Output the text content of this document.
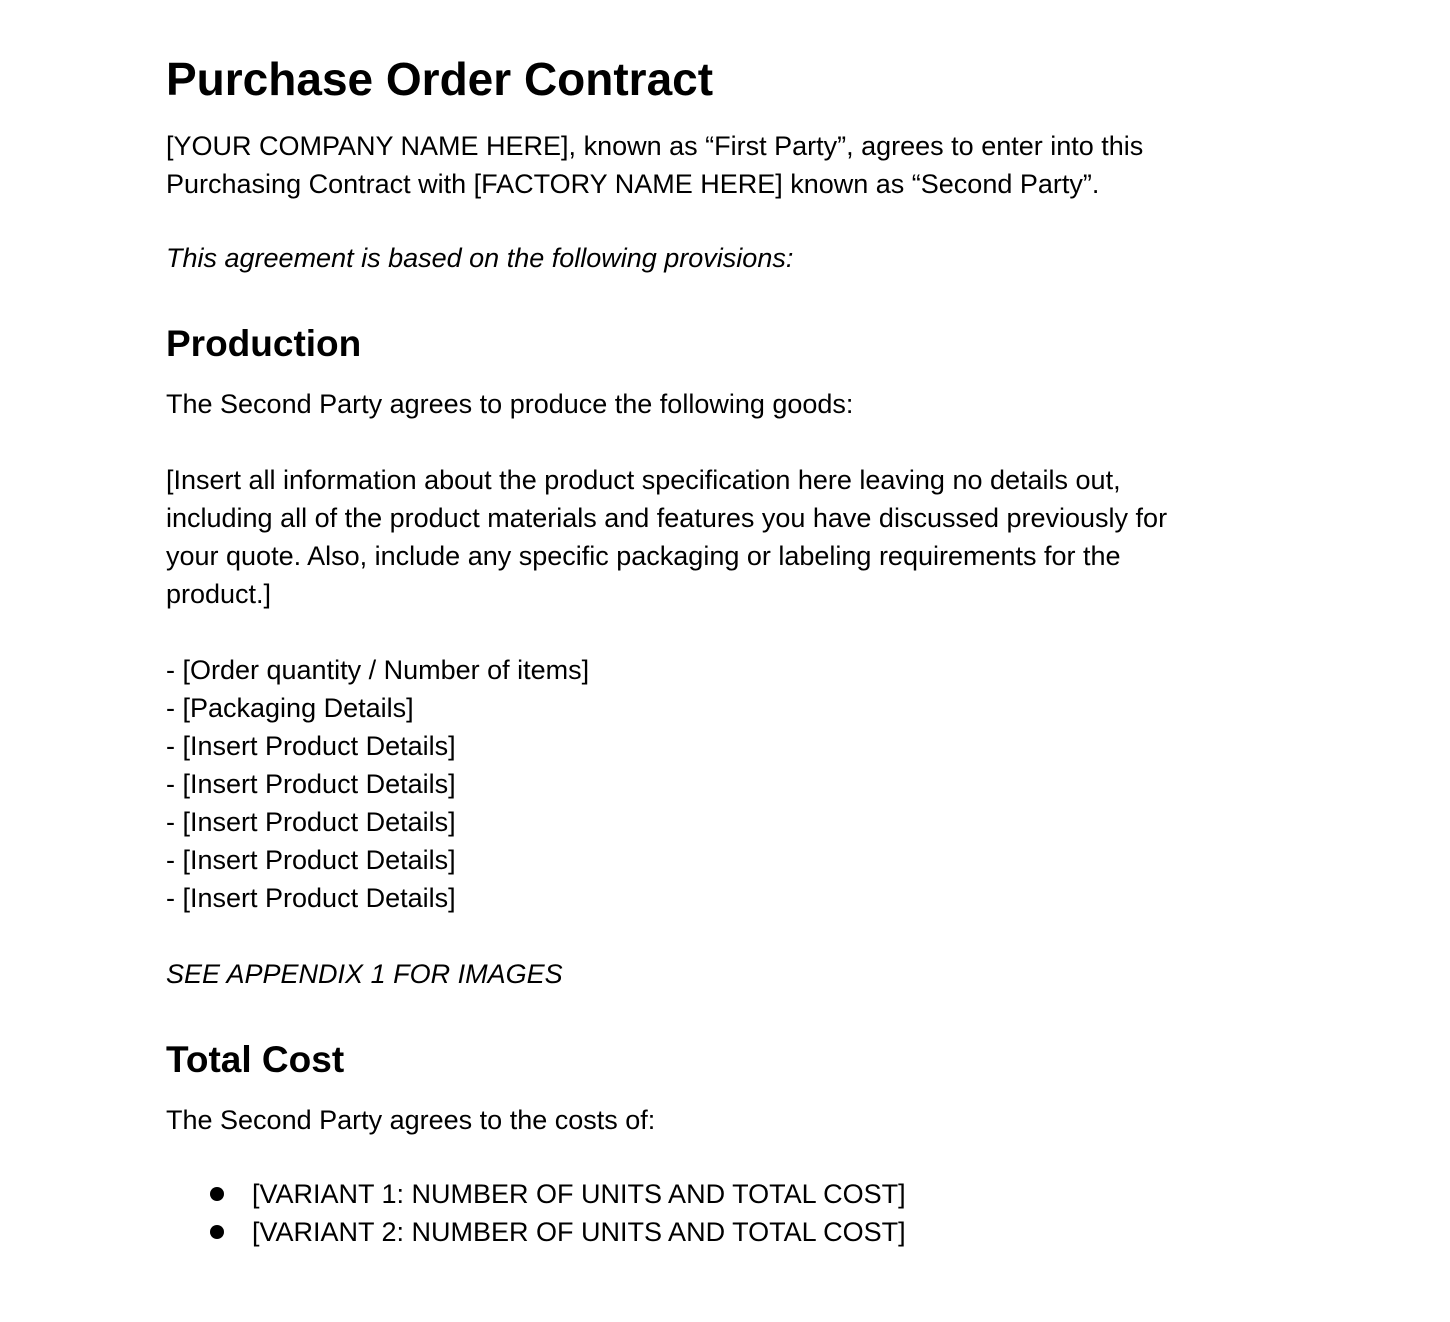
Purchase Order Contract

[YOUR COMPANY NAME HERE], known as “First Party”, agrees to enter into this
Purchasing Contract with [FACTORY NAME HERE] known as “Second Party”.

This agreement is based on the following provisions:

Production

The Second Party agrees to produce the following goods:

[Insert all information about the product specification here leaving no details out,
including all of the product materials and features you have discussed previously for
your quote. Also, include any specific packaging or labeling requirements for the
product.]

- [Order quantity / Number of items]
- [Packaging Details]
- [Insert Product Details]
- [Insert Product Details]
- [Insert Product Details]
- [Insert Product Details]
- [Insert Product Details]

SEE APPENDIX 1 FOR IMAGES

Total Cost

The Second Party agrees to the costs of:

[VARIANT 1: NUMBER OF UNITS AND TOTAL COST]
[VARIANT 2: NUMBER OF UNITS AND TOTAL COST]
